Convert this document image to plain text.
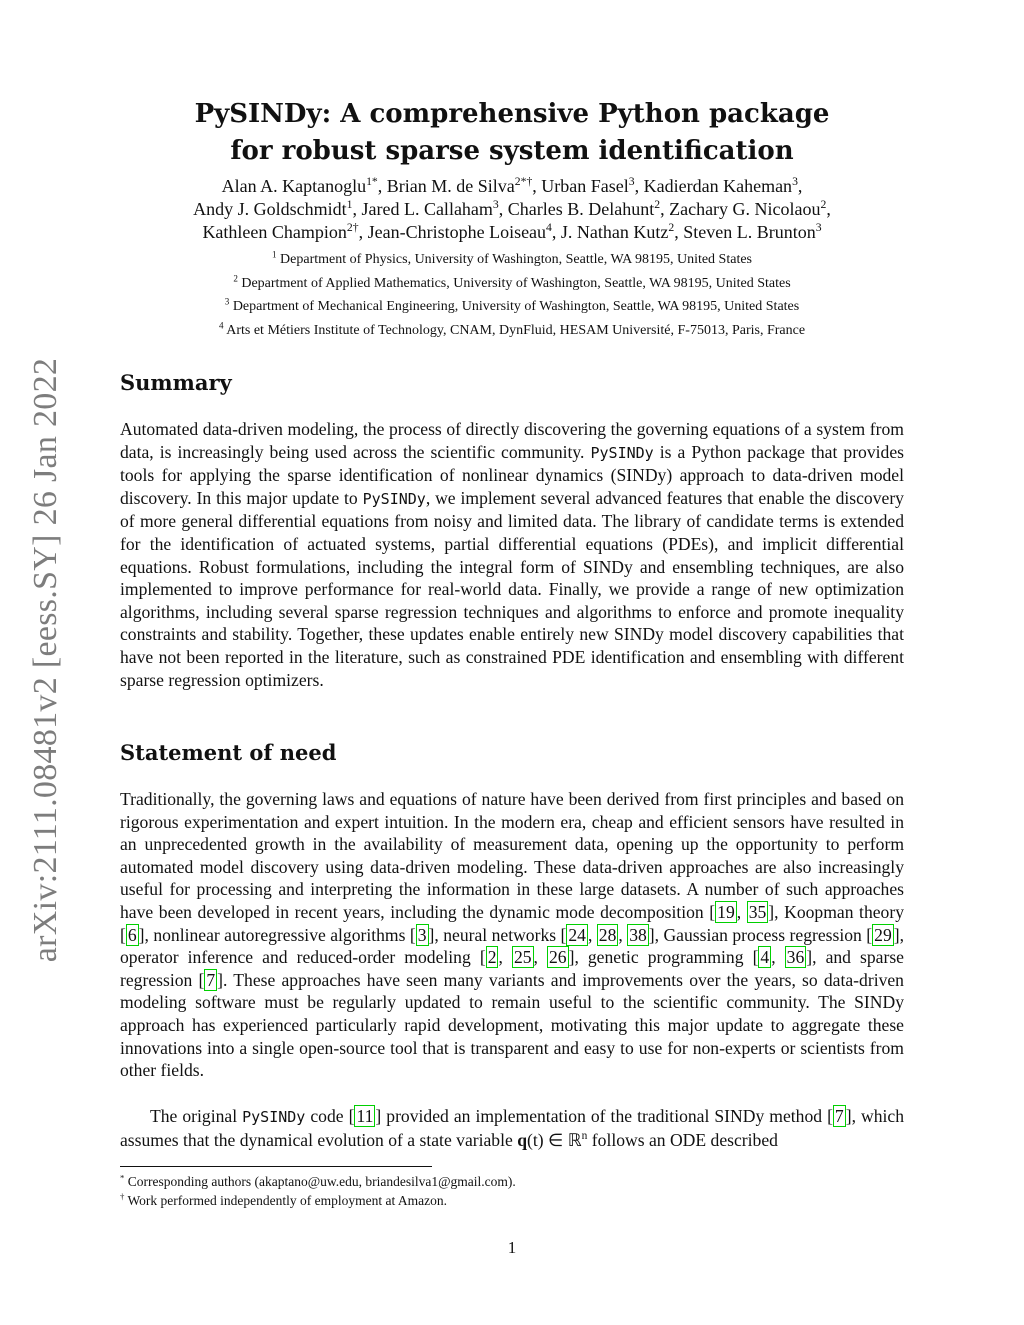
arXiv:2111.08481v2 [eess.SY] 26 Jan 2022
PySINDy: A comprehensive Python package
for robust sparse system identification
Alan A. Kaptanoglu$^{1*}$, Brian M. de Silva$^{2*\dagger}$, Urban Fasel$^3$, Kadierdan Kaheman$^3$,
Andy J. Goldschmidt$^1$, Jared L. Callaham$^3$, Charles B. Delahunt$^2$, Zachary G. Nicolaou$^2$,
Kathleen Champion$^{2\dagger}$, Jean-Christophe Loiseau$^4$, J. Nathan Kutz$^2$, Steven L. Brunton$^3$
$^1$ Department of Physics, University of Washington, Seattle, WA 98195, United States
$^2$ Department of Applied Mathematics, University of Washington, Seattle, WA 98195, United States
$^3$ Department of Mechanical Engineering, University of Washington, Seattle, WA 98195, United States
$^4$ Arts et Métiers Institute of Technology, CNAM, DynFluid, HESAM Université, F-75013, Paris, France
Summary

Automated data-driven modeling, the process of directly discovering the governing equations of a system from data, is increasingly being used across the scientific community. PySINDy is a Python package that provides tools for applying the sparse identification of nonlinear dynamics (SINDy) approach to data-driven model discovery. In this major update to PySINDy, we implement several advanced features that enable the discovery of more general differential equations from noisy and limited data. The library of candidate terms is extended for the identification of actuated systems, partial differential equations (PDEs), and implicit differential equations. Robust formulations, including the integral form of SINDy and ensembling techniques, are also implemented to improve performance for real-world data. Finally, we provide a range of new optimization algorithms, including several sparse regression techniques and algorithms to enforce and promote inequality constraints and stability. Together, these updates enable entirely new SINDy model discovery capabilities that have not been reported in the literature, such as constrained PDE identification and ensembling with different sparse regression optimizers.

Statement of need

Traditionally, the governing laws and equations of nature have been derived from first principles and based on rigorous experimentation and expert intuition. In the modern era, cheap and efficient sensors have resulted in an unprecedented growth in the availability of measurement data, opening up the opportunity to perform automated model discovery using data-driven modeling. These data-driven approaches are also increasingly useful for processing and interpreting the information in these large datasets. A number of such approaches have been developed in recent years, including the dynamic mode decomposition [ 19 , 35 ], Koopman theory [ 6 ], nonlinear autoregressive algorithms [ 3 ], neural networks [ 24 , 28 , 38 ], Gaussian process regression [ 29 ], operator inference and reduced-order modeling [ 2 , 25 , 26 ], genetic programming [ 4 , 36 ], and sparse regression [ 7 ]. These approaches have seen many variants and improvements over the years, so data-driven modeling software must be regularly updated to remain useful to the scientific community. The SINDy approach has experienced particularly rapid development, motivating this major update to aggregate these innovations into a single open-source tool that is transparent and easy to use for non-experts or scientists from other fields.

The original PySINDy code [ 11 ] provided an implementation of the traditional SINDy method [ 7 ], which assumes that the dynamical evolution of a state variable q(t) ∈ ℝ$^n$ follows an ODE described

* Corresponding authors (akaptano@uw.edu, briandesilva1@gmail.com).
† Work performed independently of employment at Amazon.
1
